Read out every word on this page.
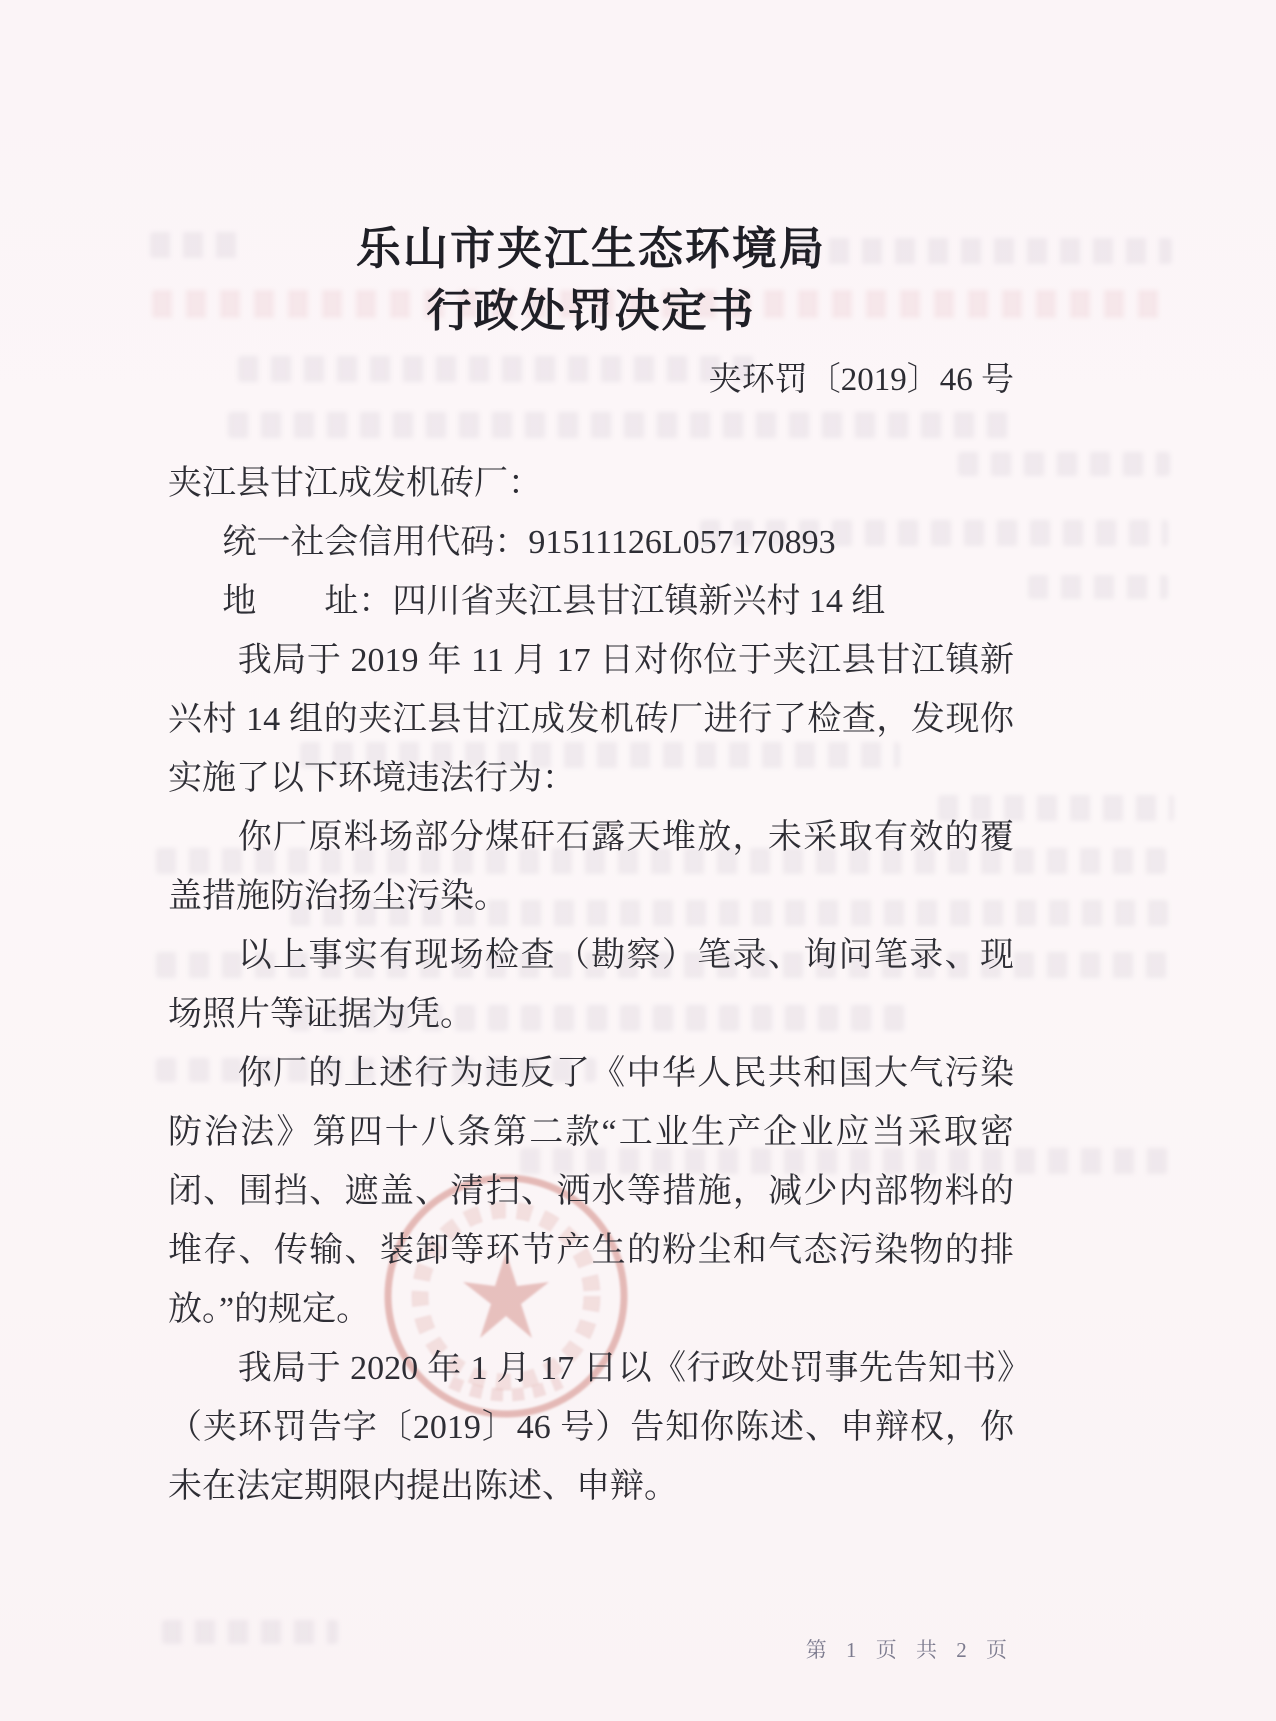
乐山市夹江生态环境局
行政处罚决定书
夹环罚〔2019〕46 号
夹江县甘江成发机砖厂：
统一社会信用代码：91511126L057170893
地　　址：四川省夹江县甘江镇新兴村 14 组

我局于 2019 年 11 月 17 日对你位于夹江县甘江镇新兴村 14 组的夹江县甘江成发机砖厂进行了检查，发现你实施了以下环境违法行为：

你厂原料场部分煤矸石露天堆放，未采取有效的覆盖措施防治扬尘污染。

以上事实有现场检查（勘察）笔录、询问笔录、现场照片等证据为凭。

你厂的上述行为违反了《中华人民共和国大气污染防治法》第四十八条第二款“工业生产企业应当采取密闭、围挡、遮盖、清扫、洒水等措施，减少内部物料的堆存、传输、装卸等环节产生的粉尘和气态污染物的排放。”的规定。

我局于 2020 年 1 月 17 日以《行政处罚事先告知书》（夹环罚告字〔2019〕46 号）告知你陈述、申辩权，你未在法定期限内提出陈述、申辩。

第 1 页 共 2 页
